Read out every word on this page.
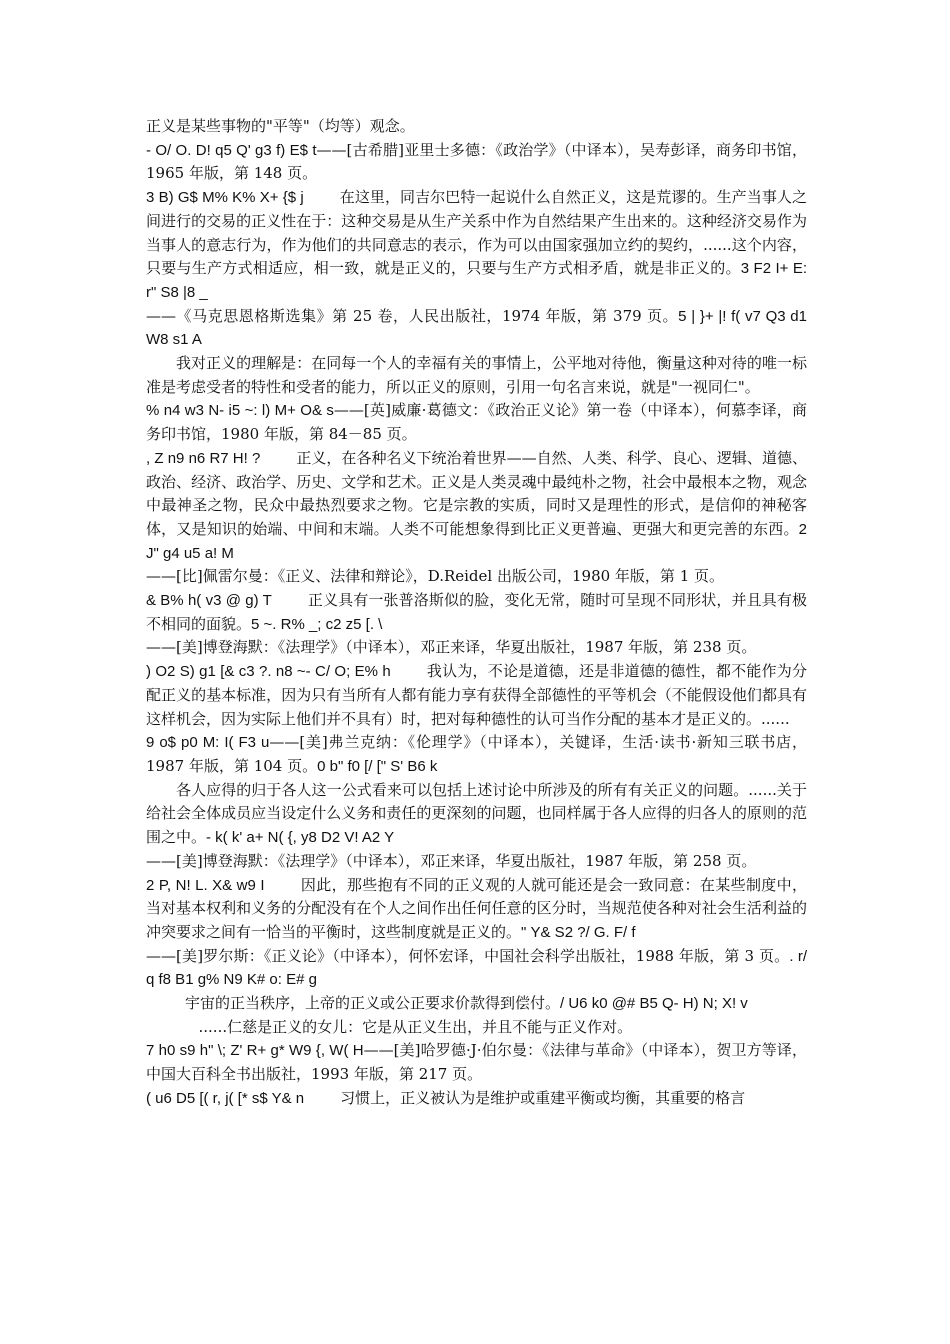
正义是某些事物的"平等"（均等）观念。

- O/ O. D! q5 Q' g3 f) E$ t——[古希腊]亚里士多德：《政治学》（中译本），吴寿彭译，商务印书馆，1965 年版，第 148 页。

3 B) G$ M% K% X+ {$ j 在这里，同吉尔巴特一起说什么自然正义，这是荒谬的。生产当事人之间进行的交易的正义性在于：这种交易是从生产关系中作为自然结果产生出来的。这种经济交易作为当事人的意志行为，作为他们的共同意志的表示，作为可以由国家强加立约的契约，......这个内容，只要与生产方式相适应，相一致，就是正义的，只要与生产方式相矛盾，就是非正义的。3 F2 I+ E: r" S8 |8 _

——《马克思恩格斯选集》第 25 卷，人民出版社，1974 年版，第 379 页。5 | }+ |! f( v7 Q3 d1 W8 s1 A

我对正义的理解是：在同每一个人的幸福有关的事情上，公平地对待他，衡量这种对待的唯一标准是考虑受者的特性和受者的能力，所以正义的原则，引用一句名言来说，就是"一视同仁"。

% n4 w3 N- i5 ~: l) M+ O& s——[英]威廉·葛德文：《政治正义论》第一卷（中译本），何慕李译，商务印书馆，1980 年版，第 84－85 页。

, Z n9 n6 R7 H! ? 正义，在各种名义下统治着世界——自然、人类、科学、良心、逻辑、道德、政治、经济、政治学、历史、文学和艺术。正义是人类灵魂中最纯朴之物，社会中最根本之物，观念中最神圣之物，民众中最热烈要求之物。它是宗教的实质，同时又是理性的形式，是信仰的神秘客体，又是知识的始端、中间和末端。人类不可能想象得到比正义更普遍、更强大和更完善的东西。2 J" g4 u5 a! M

——[比]佩雷尔曼：《正义、法律和辩论》，D.Reidel 出版公司，1980 年版，第 1 页。

& B% h( v3 @ g) T 正义具有一张普洛斯似的脸，变化无常，随时可呈现不同形状，并且具有极不相同的面貌。5 ~. R% _; c2 z5 [. \

——[美]博登海默：《法理学》（中译本），邓正来译，华夏出版社，1987 年版，第 238 页。

) O2 S) g1 [& c3 ?. n8 ~- C/ O; E% h 我认为，不论是道德，还是非道德的德性，都不能作为分配正义的基本标准，因为只有当所有人都有能力享有获得全部德性的平等机会（不能假设他们都具有这样机会，因为实际上他们并不具有）时，把对每种德性的认可当作分配的基本才是正义的。......

9 o$ p0 M: I( F3 u——[美]弗兰克纳：《伦理学》（中译本），关键译，生活·读书·新知三联书店，1987 年版，第 104 页。0 b" f0 [/ [" S' B6 k

各人应得的归于各人这一公式看来可以包括上述讨论中所涉及的所有有关正义的问题。......关于给社会全体成员应当设定什么义务和责任的更深刻的问题，也同样属于各人应得的归各人的原则的范围之中。- k( k' a+ N( {, y8 D2 V! A2 Y

——[美]博登海默：《法理学》（中译本），邓正来译，华夏出版社，1987 年版，第 258 页。

2 P, N! L. X& w9 I 因此，那些抱有不同的正义观的人就可能还是会一致同意：在某些制度中，当对基本权利和义务的分配没有在个人之间作出任何任意的区分时，当规范使各种对社会生活利益的冲突要求之间有一恰当的平衡时，这些制度就是正义的。" Y& S2 ?/ G. F/ f

——[美]罗尔斯：《正义论》（中译本），何怀宏译，中国社会科学出版社，1988 年版，第 3 页。. r/ q f8 B1 g% N9 K# o: E# g

宇宙的正当秩序，上帝的正义或公正要求价款得到偿付。/ U6 k0 @# B5 Q- H) N; X! v

......仁慈是正义的女儿：它是从正义生出，并且不能与正义作对。

7 h0 s9 h" \; Z' R+ g* W9 {, W( H——[美]哈罗德·J·伯尔曼：《法律与革命》（中译本），贺卫方等译，中国大百科全书出版社，1993 年版，第 217 页。

( u6 D5 [( r, j( [* s$ Y& n 习惯上，正义被认为是维护或重建平衡或均衡，其重要的格言
